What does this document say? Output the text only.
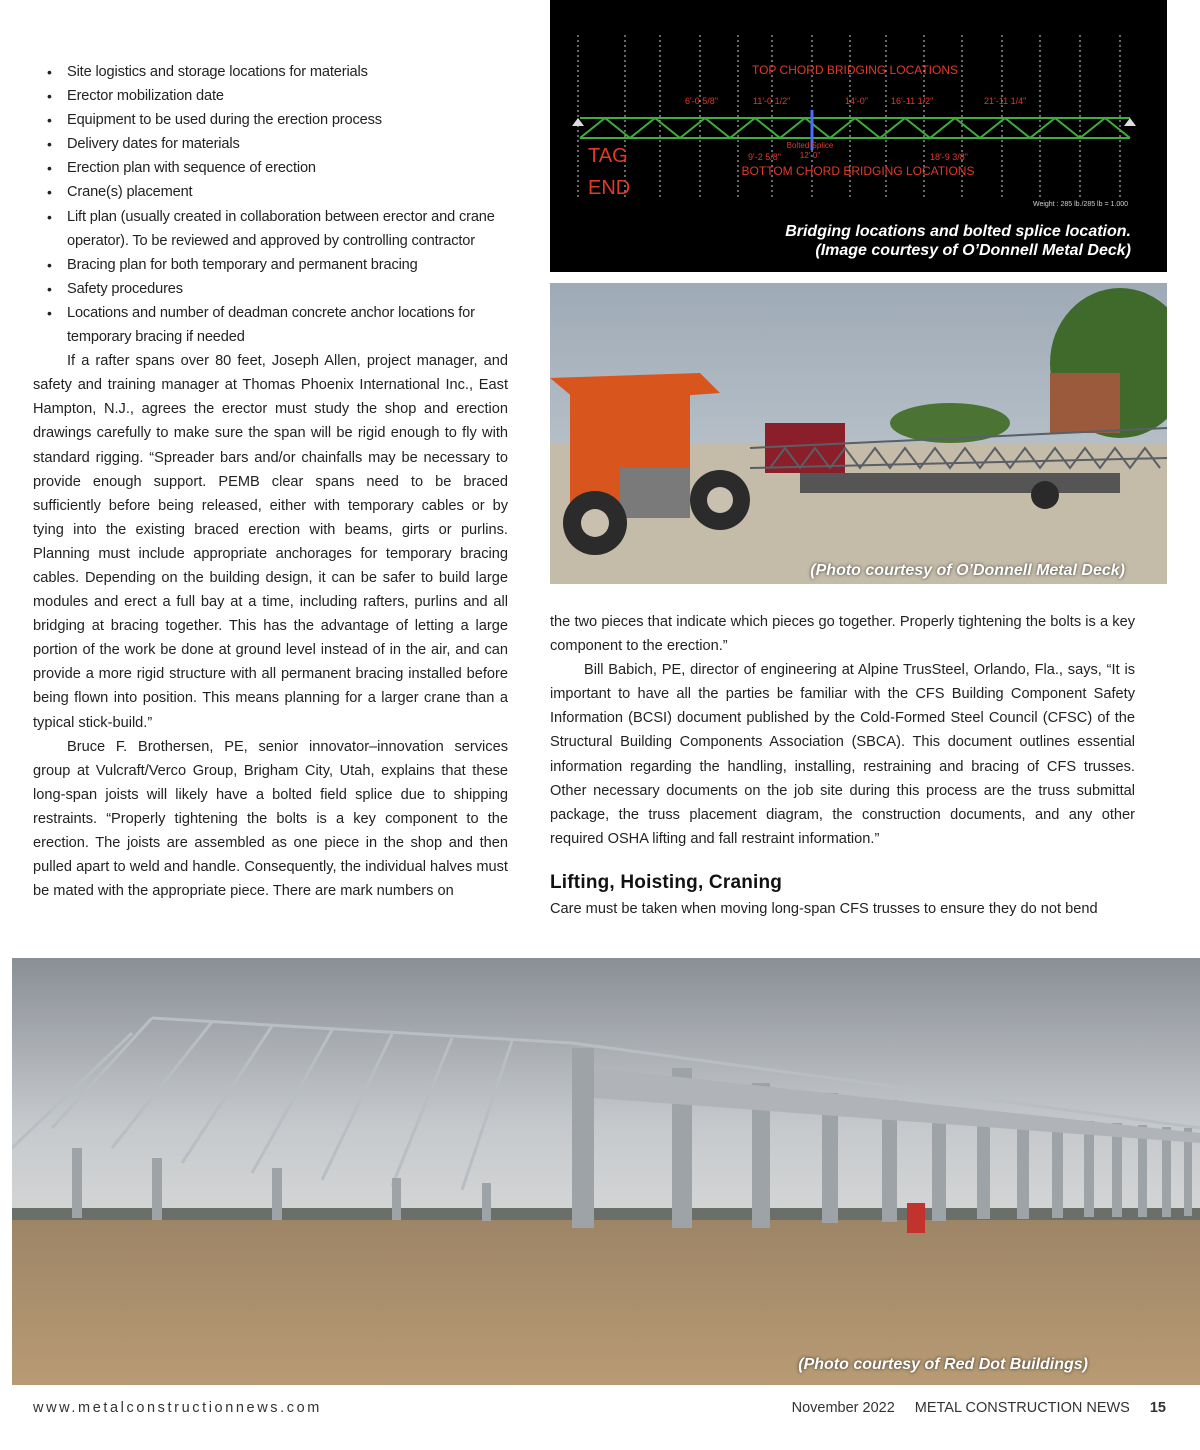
• Site logistics and storage locations for materials
• Erector mobilization date
• Equipment to be used during the erection process
• Delivery dates for materials
• Erection plan with sequence of erection
• Crane(s) placement
• Lift plan (usually created in collaboration between erector and crane operator). To be reviewed and approved by controlling contractor
• Bracing plan for both temporary and permanent bracing
• Safety procedures
• Locations and number of deadman concrete anchor locations for temporary bracing if needed

If a rafter spans over 80 feet, Joseph Allen, project manager, and safety and training manager at Thomas Phoenix International Inc., East Hampton, N.J., agrees the erector must study the shop and erection drawings carefully to make sure the span will be rigid enough to fly with standard rigging. “Spreader bars and/or chainfalls may be necessary to provide enough support. PEMB clear spans need to be braced sufficiently before being released, either with temporary cables or by tying into the existing braced erection with beams, girts or purlins. Planning must include appropriate anchorages for temporary bracing cables. Depending on the building design, it can be safer to build large modules and erect a full bay at a time, including rafters, purlins and all bridging at bracing together. This has the advantage of letting a large portion of the work be done at ground level instead of in the air, and can provide a more rigid structure with all permanent bracing installed before being flown into position. This means planning for a larger crane than a typical stick-build.”

Bruce F. Brothersen, PE, senior innovator–innovation services group at Vulcraft/Verco Group, Brigham City, Utah, explains that these long-span joists will likely have a bolted field splice due to shipping restraints. “Properly tightening the bolts is a key component to the erection. The joists are assembled as one piece in the shop and then pulled apart to weld and handle. Consequently, the individual halves must be mated with the appropriate piece. There are mark numbers on

the two pieces that indicate which pieces go together. Properly tightening the bolts is a key component to the erection.”

Bill Babich, PE, director of engineering at Alpine TrusSteel, Orlando, Fla., says, “It is important to have all the parties be familiar with the CFS Building Component Safety Information (BCSI) document published by the Cold-Formed Steel Council (CFSC) of the Structural Building Components Association (SBCA). This document outlines essential information regarding the handling, installing, restraining and bracing of CFS trusses. Other necessary documents on the job site during this process are the truss submittal package, the truss placement diagram, the construction documents, and any other required OSHA lifting and fall restraint information.”

Lifting, Hoisting, Craning

Care must be taken when moving long-span CFS trusses to ensure they do not bend

Bolted Splice
12'-0"
TOP CHORD BRIDGING LOCATIONS
BOTTOM CHORD BRIDGING LOCATIONS
TAG
END
6'-0 5/8"	11'-0 1/2"	14'-0"	16'-11 1/2"	21'-11 1/4"
9'-2 5/8"	18'-9 3/8"
Weight : 285 lb./285 lb = 1.000
Bridging locations and bolted splice location.
(Image courtesy of O’Donnell Metal Deck)
(Photo courtesy of O’Donnell Metal Deck)
(Photo courtesy of Red Dot Buildings)
www.metalconstructionnews.com	November 2022 METAL CONSTRUCTION NEWS 15
